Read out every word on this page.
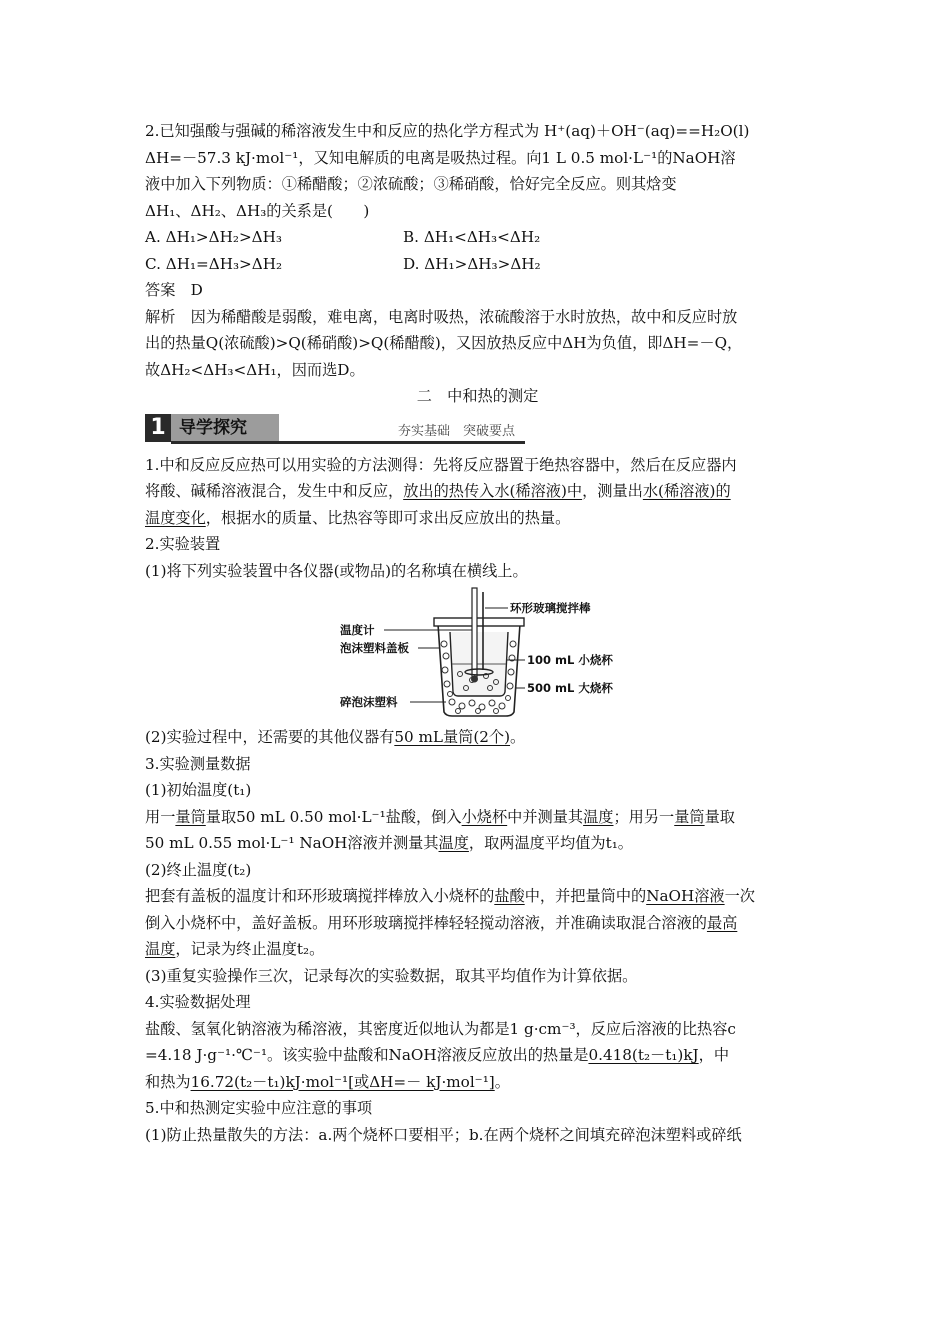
2.已知强酸与强碱的稀溶液发生中和反应的热化学方程式为 H⁺(aq)＋OH⁻(aq)==H₂O(l)
ΔH=－57.3 kJ·mol⁻¹，又知电解质的电离是吸热过程。向1 L 0.5 mol·L⁻¹的NaOH溶
液中加入下列物质：①稀醋酸；②浓硫酸；③稀硝酸，恰好完全反应。则其焓变
ΔH₁、ΔH₂、ΔH₃的关系是(　　)
A. ΔH₁>ΔH₂>ΔH₃	B. ΔH₁<ΔH₃<ΔH₂
C. ΔH₁=ΔH₃>ΔH₂	D. ΔH₁>ΔH₃>ΔH₂
答案　D
解析　因为稀醋酸是弱酸，难电离，电离时吸热，浓硫酸溶于水时放热，故中和反应时放
出的热量Q(浓硫酸)>Q(稀硝酸)>Q(稀醋酸)，又因放热反应中ΔH为负值，即ΔH=－Q，
故ΔH₂<ΔH₃<ΔH₁，因而选D。
二　中和热的测定
1 导学探究	夯实基础　突破要点
1.中和反应反应热可以用实验的方法测得：先将反应器置于绝热容器中，然后在反应器内
将酸、碱稀溶液混合，发生中和反应，放出的热传入水(稀溶液)中，测量出水(稀溶液)的
温度变化，根据水的质量、比热容等即可求出反应放出的热量。
2.实验装置
(1)将下列实验装置中各仪器(或物品)的名称填在横线上。
温度计
泡沫塑料盖板
碎泡沫塑料
环形玻璃搅拌棒
100 mL 小烧杯
500 mL 大烧杯
(2)实验过程中，还需要的其他仪器有50 mL量筒(2个)。
3.实验测量数据
(1)初始温度(t₁)
用一量筒量取50 mL 0.50 mol·L⁻¹盐酸，倒入小烧杯中并测量其温度；用另一量筒量取
50 mL 0.55 mol·L⁻¹ NaOH溶液并测量其温度，取两温度平均值为t₁。
(2)终止温度(t₂)
把套有盖板的温度计和环形玻璃搅拌棒放入小烧杯的盐酸中，并把量筒中的NaOH溶液一次
倒入小烧杯中，盖好盖板。用环形玻璃搅拌棒轻轻搅动溶液，并准确读取混合溶液的最高
温度，记录为终止温度t₂。
(3)重复实验操作三次，记录每次的实验数据，取其平均值作为计算依据。
4.实验数据处理
盐酸、氢氧化钠溶液为稀溶液，其密度近似地认为都是1 g·cm⁻³，反应后溶液的比热容c
=4.18 J·g⁻¹·℃⁻¹。该实验中盐酸和NaOH溶液反应放出的热量是0.418(t₂－t₁)kJ，中
和热为16.72(t₂－t₁)kJ·mol⁻¹[或ΔH=－ kJ·mol⁻¹]。
5.中和热测定实验中应注意的事项
(1)防止热量散失的方法：a.两个烧杯口要相平；b.在两个烧杯之间填充碎泡沫塑料或碎纸
